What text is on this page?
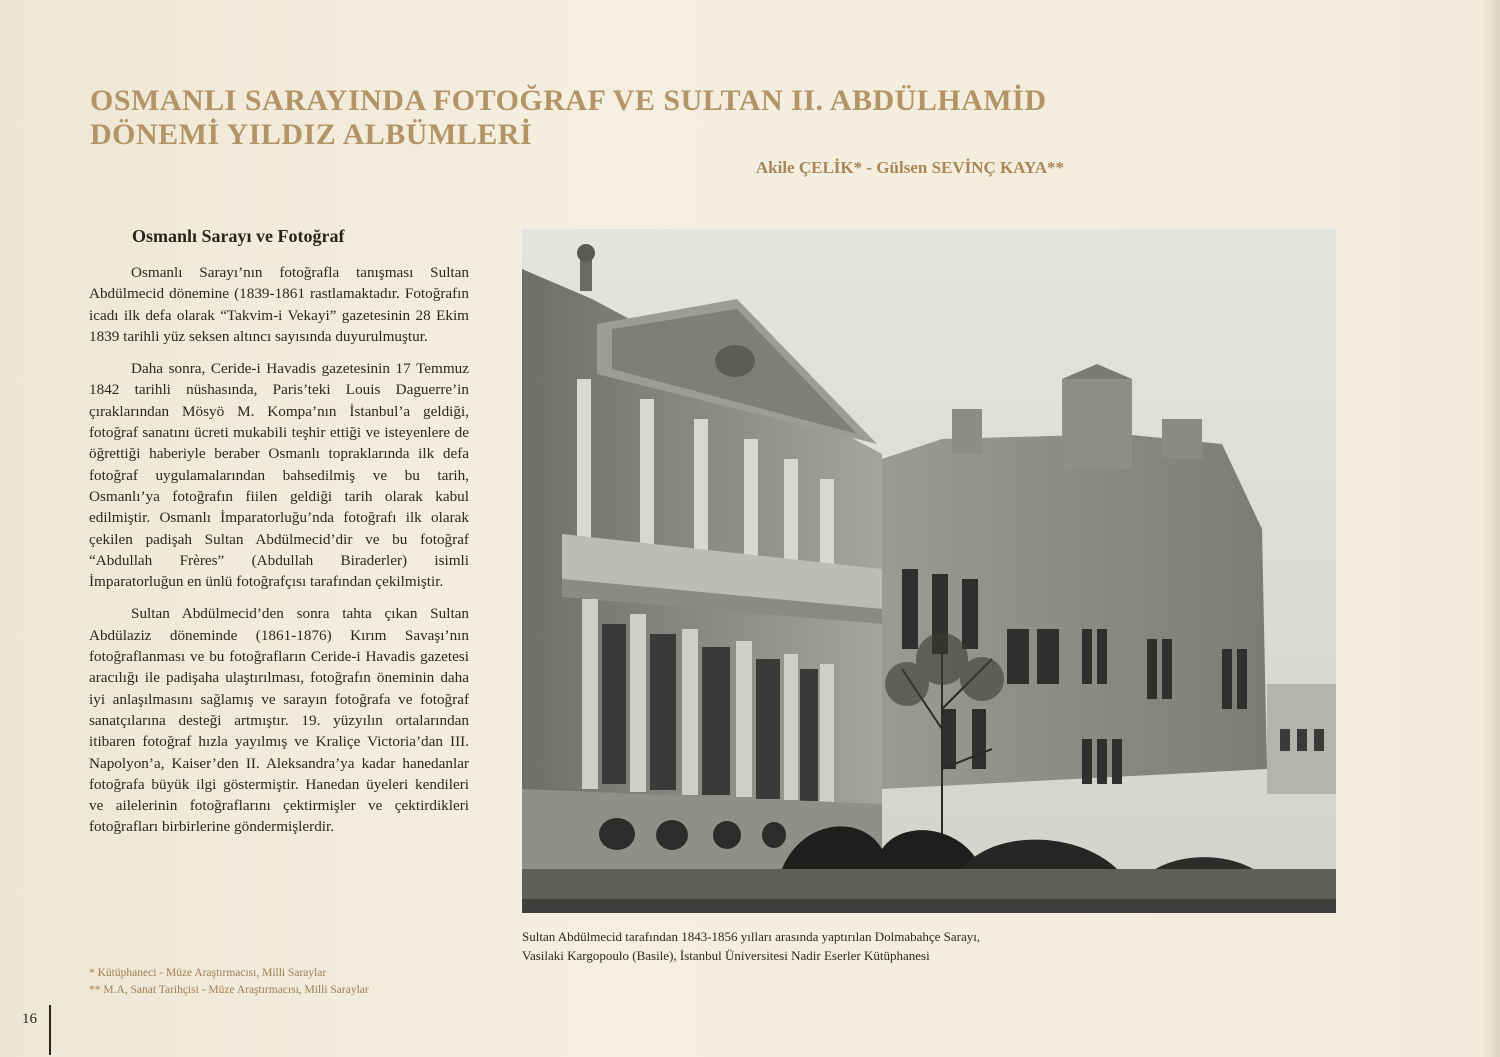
OSMANLI SARAYINDA FOTOĞRAF VE SULTAN II. ABDÜLHAMİD
DÖNEMİ YILDIZ ALBÜMLERİ

Akile ÇELİK* - Gülsen SEVİNÇ KAYA**

Osmanlı Sarayı ve Fotoğraf

Osmanlı Sarayı’nın fotoğrafla tanışması Sultan Abdülmecid dönemine (1839-1861 rastlamaktadır. Fotoğrafın icadı ilk defa olarak “Takvim-i Vekayi” gazetesinin 28 Ekim 1839 tarihli yüz seksen altıncı sayısında duyurulmuştur.

Daha sonra, Ceride-i Havadis gazetesinin 17 Temmuz 1842 tarihli nüshasında, Paris’teki Louis Daguerre’in çıraklarından Mösyö M. Kompa’nın İstanbul’a geldiği, fotoğraf sanatını ücreti mukabili teşhir ettiği ve isteyenlere de öğrettiği haberiyle beraber Osmanlı topraklarında ilk defa fotoğraf uygulamalarından bahsedilmiş ve bu tarih, Osmanlı’ya fotoğrafın fiilen geldiği tarih olarak kabul edilmiştir. Osmanlı İmparatorluğu’nda fotoğrafı ilk olarak çekilen padişah Sultan Abdülmecid’dir ve bu fotoğraf “Abdullah Frères” (Abdullah Biraderler) isimli İmparatorluğun en ünlü fotoğrafçısı tarafından çekilmiştir.

Sultan Abdülmecid’den sonra tahta çıkan Sultan Abdülaziz döneminde (1861-1876) Kırım Savaşı’nın fotoğraflanması ve bu fotoğrafların Ceride-i Havadis gazetesi aracılığı ile padişaha ulaştırılması, fotoğrafın öneminin daha iyi anlaşılmasını sağlamış ve sarayın fotoğrafa ve fotoğraf sanatçılarına desteği artmıştır. 19. yüzyılın ortalarından itibaren fotoğraf hızla yayılmış ve Kraliçe Victoria’dan III. Napolyon’a, Kaiser’den II. Aleksandra’ya kadar hanedanlar fotoğrafa büyük ilgi göstermiştir. Hanedan üyeleri kendileri ve ailelerinin fotoğraflarını çektirmişler ve çektirdikleri fotoğrafları birbirlerine göndermişlerdir.

Sultan Abdülmecid tarafından 1843-1856 yılları arasında yaptırılan Dolmabahçe Sarayı,
Vasilaki Kargopoulo (Basile), İstanbul Üniversitesi Nadir Eserler Kütüphanesi

* Kütüphaneci - Müze Araştırmacısı, Milli Saraylar
** M.A, Sanat Tarihçisi - Müze Araştırmacısı, Milli Saraylar

16
